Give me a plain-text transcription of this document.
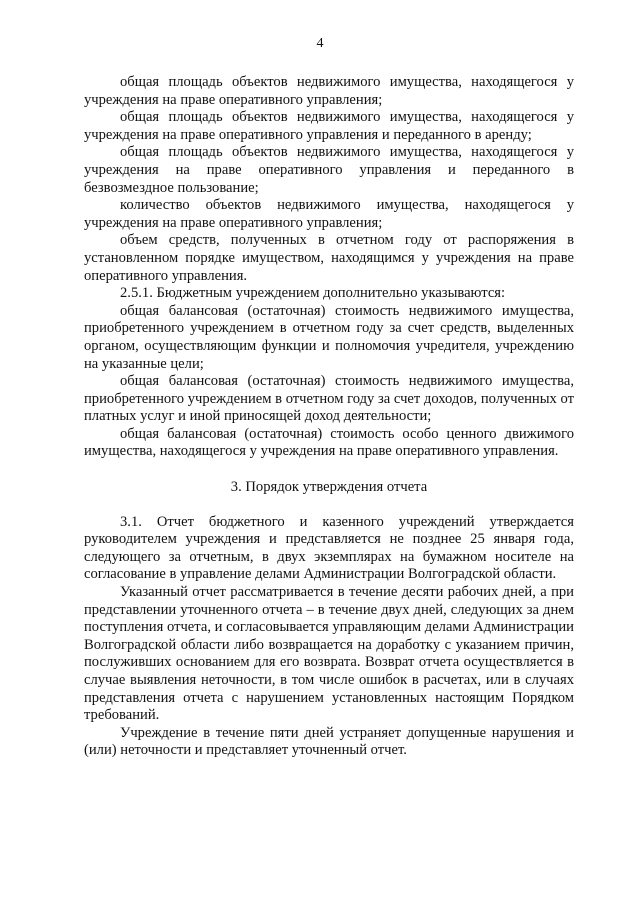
4

общая площадь объектов недвижимого имущества, находящегося у учреждения на праве оперативного управления;

общая площадь объектов недвижимого имущества, находящегося у учреждения на праве оперативного управления и переданного в аренду;

общая площадь объектов недвижимого имущества, находящегося у учреждения на праве оперативного управления и переданного в безвозмездное пользование;

количество объектов недвижимого имущества, находящегося у учреждения на праве оперативного управления;

объем средств, полученных в отчетном году от распоряжения в установленном порядке имуществом, находящимся у учреждения на праве оперативного управления.

2.5.1. Бюджетным учреждением дополнительно указываются:

общая балансовая (остаточная) стоимость недвижимого имущества, приобретенного учреждением в отчетном году за счет средств, выделенных органом, осуществляющим функции и полномочия учредителя, учреждению на указанные цели;

общая балансовая (остаточная) стоимость недвижимого имущества, приобретенного учреждением в отчетном году за счет доходов, полученных от платных услуг и иной приносящей доход деятельности;

общая балансовая (остаточная) стоимость особо ценного движимого имущества, находящегося у учреждения на праве оперативного управления.

3. Порядок утверждения отчета

3.1. Отчет бюджетного и казенного учреждений утверждается руководителем учреждения и представляется не позднее 25 января года, следующего за отчетным, в двух экземплярах на бумажном носителе на согласование в управление делами Администрации Волгоградской области.

Указанный отчет рассматривается в течение десяти рабочих дней, а при представлении уточненного отчета – в течение двух дней, следующих за днем поступления отчета, и согласовывается управляющим делами Администрации Волгоградской области либо возвращается на доработку с указанием причин, послуживших основанием для его возврата. Возврат отчета осуществляется в случае выявления неточности, в том числе ошибок в расчетах, или в случаях представления отчета с нарушением установленных настоящим Порядком требований.

Учреждение в течение пяти дней устраняет допущенные нарушения и (или) неточности и представляет уточненный отчет.
